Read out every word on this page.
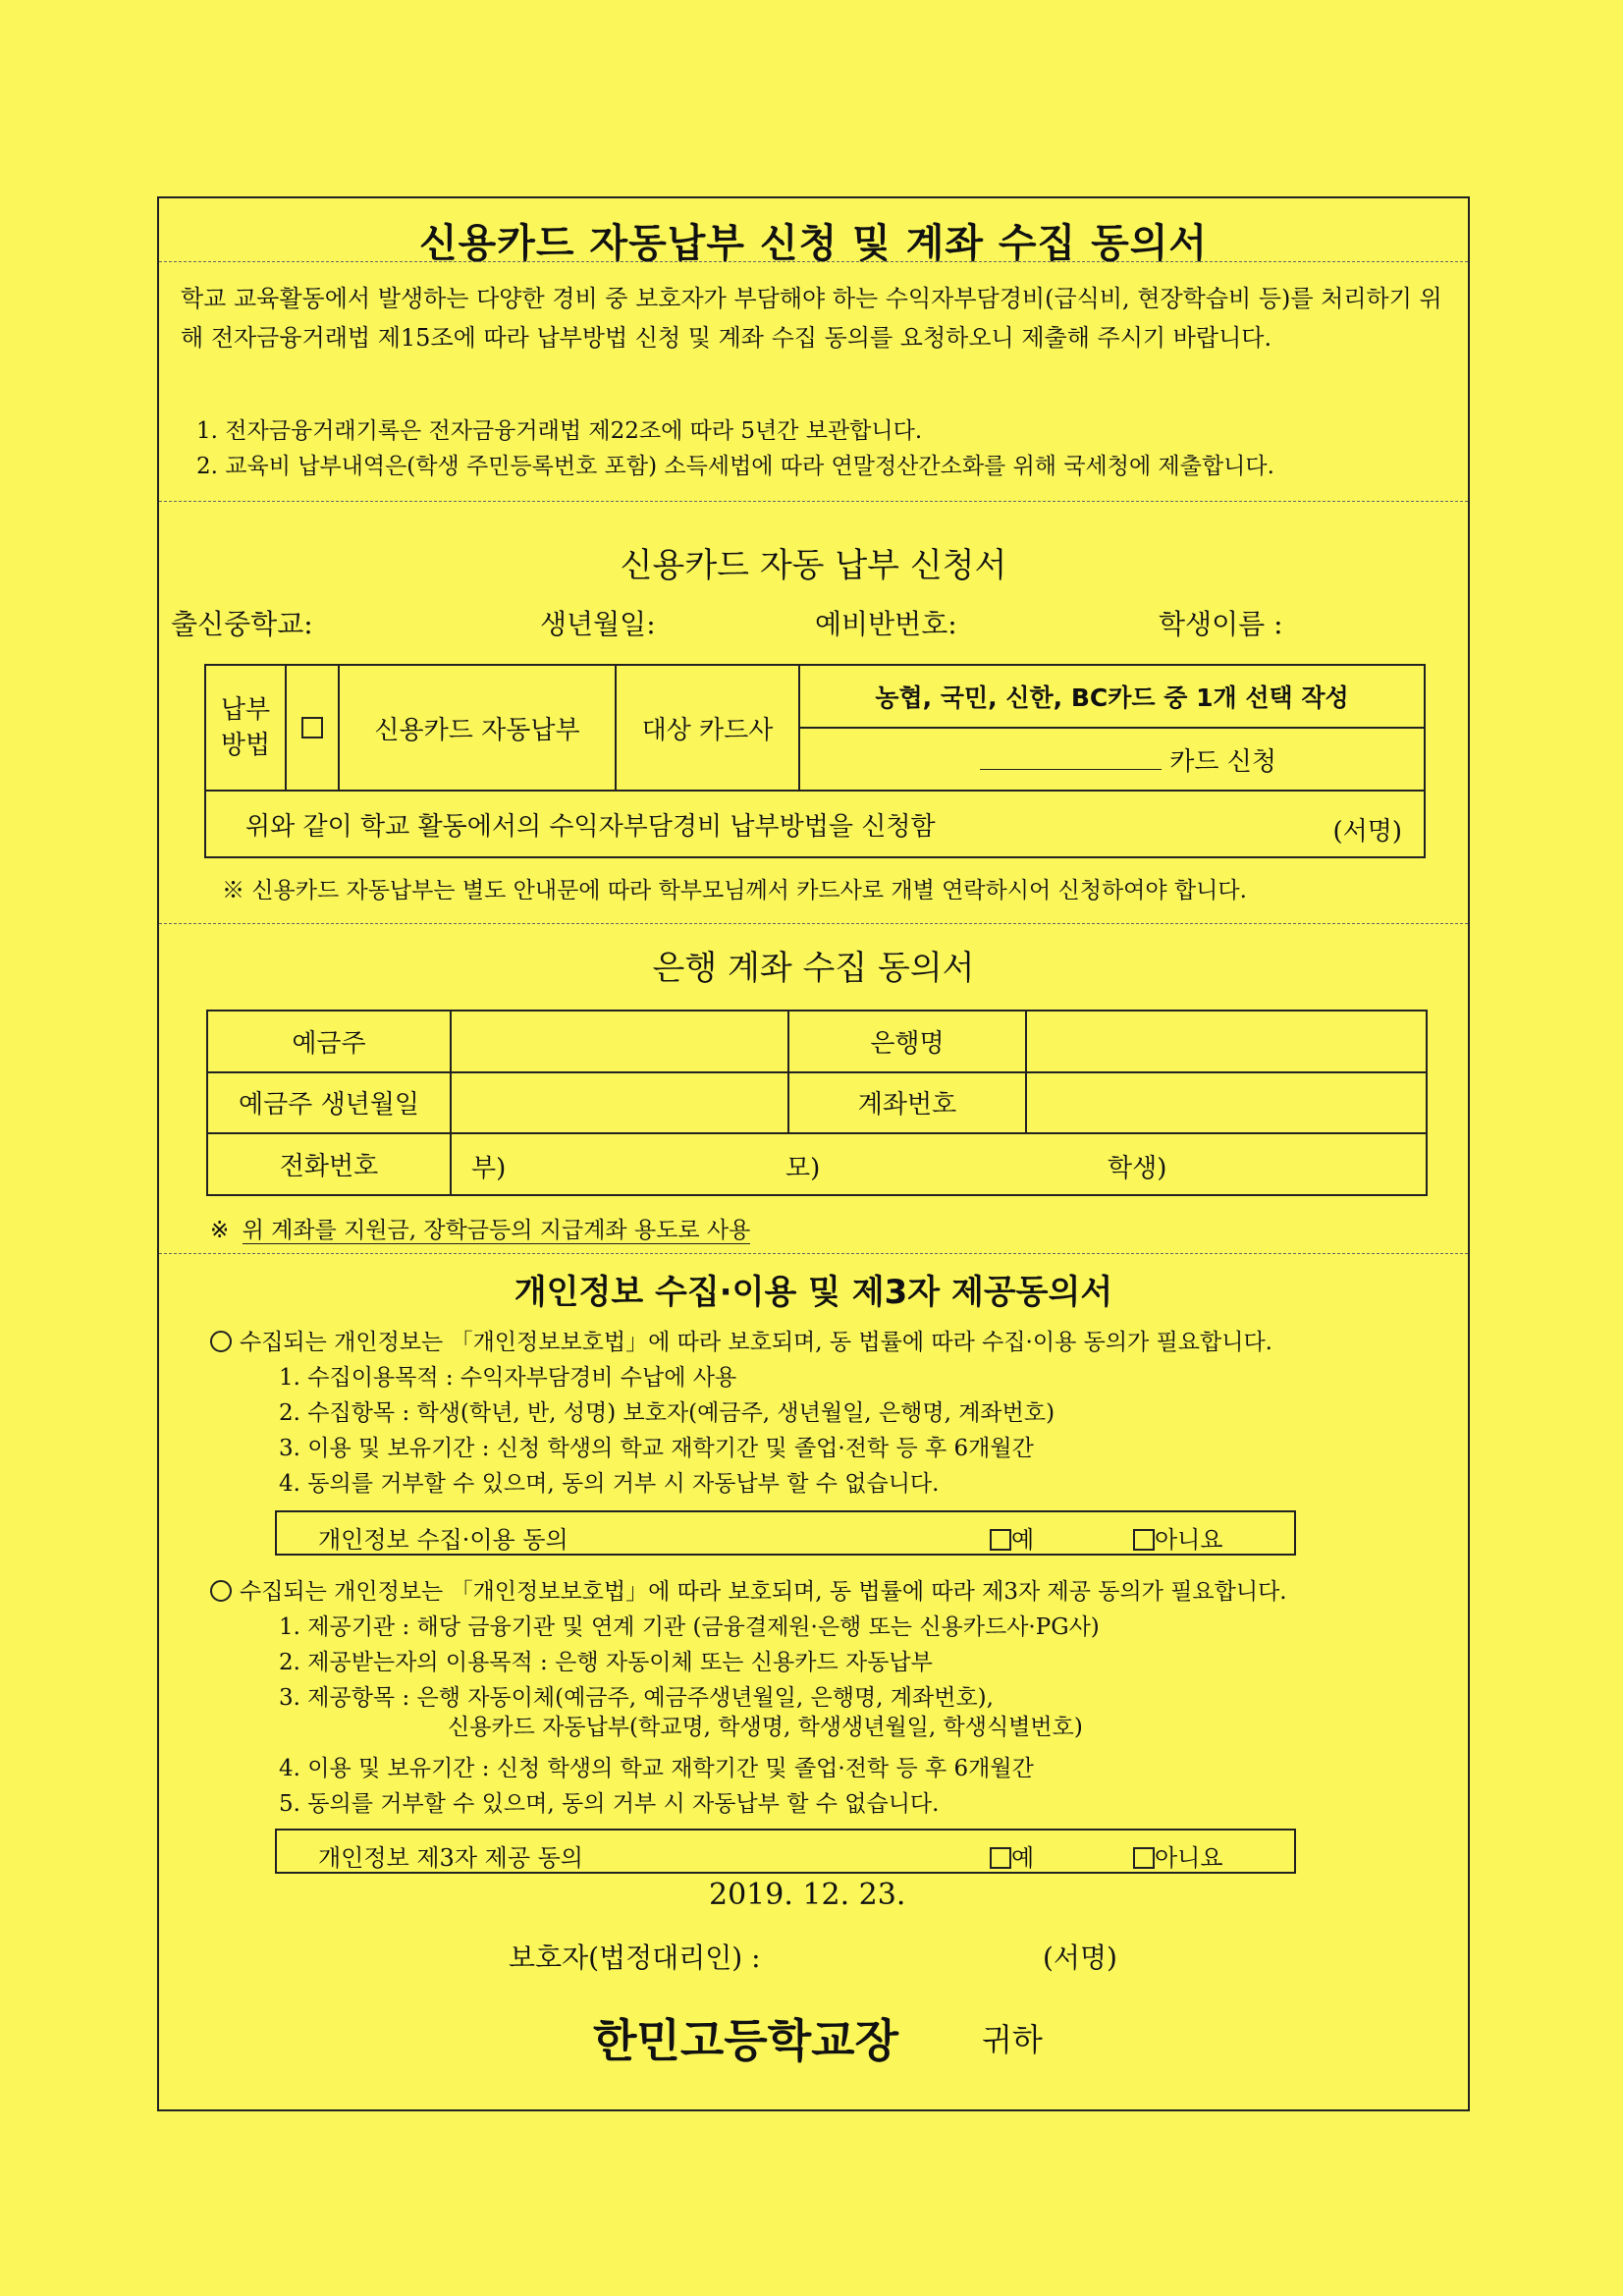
신용카드 자동납부 신청 및 계좌 수집 동의서
학교 교육활동에서 발생하는 다양한 경비 중 보호자가 부담해야 하는 수익자부담경비(급식비, 현장학습비 등)를 처리하기 위해 전자금융거래법 제15조에 따라 납부방법 신청 및 계좌 수집 동의를 요청하오니 제출해 주시기 바랍니다.
1. 전자금융거래기록은 전자금융거래법 제22조에 따라 5년간 보관합니다.
2. 교육비 납부내역은(학생 주민등록번호 포함) 소득세법에 따라 연말정산간소화를 위해 국세청에 제출합니다.
신용카드 자동 납부 신청서
출신중학교:	생년월일:	예비반번호:	학생이름 :
납부
방법		신용카드 자동납부	대상 카드사	농협, 국민, 신한, BC카드 중 1개 선택 작성
카드 신청
위와 같이 학교 활동에서의 수익자부담경비 납부방법을 신청함	(서명)
※ 신용카드 자동납부는 별도 안내문에 따라 학부모님께서 카드사로 개별 연락하시어 신청하여야 합니다.
은행 계좌 수집 동의서
예금주		은행명	
예금주 생년월일		계좌번호	
전화번호	부) 모) 학생)		
※ 위 계좌를 지원금, 장학금등의 지급계좌 용도로 사용
개인정보 수집·이용 및 제3자 제공동의서
수집되는 개인정보는 「개인정보보호법」에 따라 보호되며, 동 법률에 따라 수집·이용 동의가 필요합니다.
1. 수집이용목적 : 수익자부담경비 수납에 사용
2. 수집항목 : 학생(학년, 반, 성명) 보호자(예금주, 생년월일, 은행명, 계좌번호)
3. 이용 및 보유기간 : 신청 학생의 학교 재학기간 및 졸업·전학 등 후 6개월간
4. 동의를 거부할 수 있으며, 동의 거부 시 자동납부 할 수 없습니다.
개인정보 수집·이용 동의	예	아니요
수집되는 개인정보는 「개인정보보호법」에 따라 보호되며, 동 법률에 따라 제3자 제공 동의가 필요합니다.
1. 제공기관 : 해당 금융기관 및 연계 기관 (금융결제원·은행 또는 신용카드사·PG사)
2. 제공받는자의 이용목적 : 은행 자동이체 또는 신용카드 자동납부
3. 제공항목 : 은행 자동이체(예금주, 예금주생년월일, 은행명, 계좌번호),
신용카드 자동납부(학교명, 학생명, 학생생년월일, 학생식별번호)
4. 이용 및 보유기간 : 신청 학생의 학교 재학기간 및 졸업·전학 등 후 6개월간
5. 동의를 거부할 수 있으며, 동의 거부 시 자동납부 할 수 없습니다.
개인정보 제3자 제공 동의	예	아니요
2019. 12. 23.
보호자(법정대리인) :	(서명)
한민고등학교장	귀하
